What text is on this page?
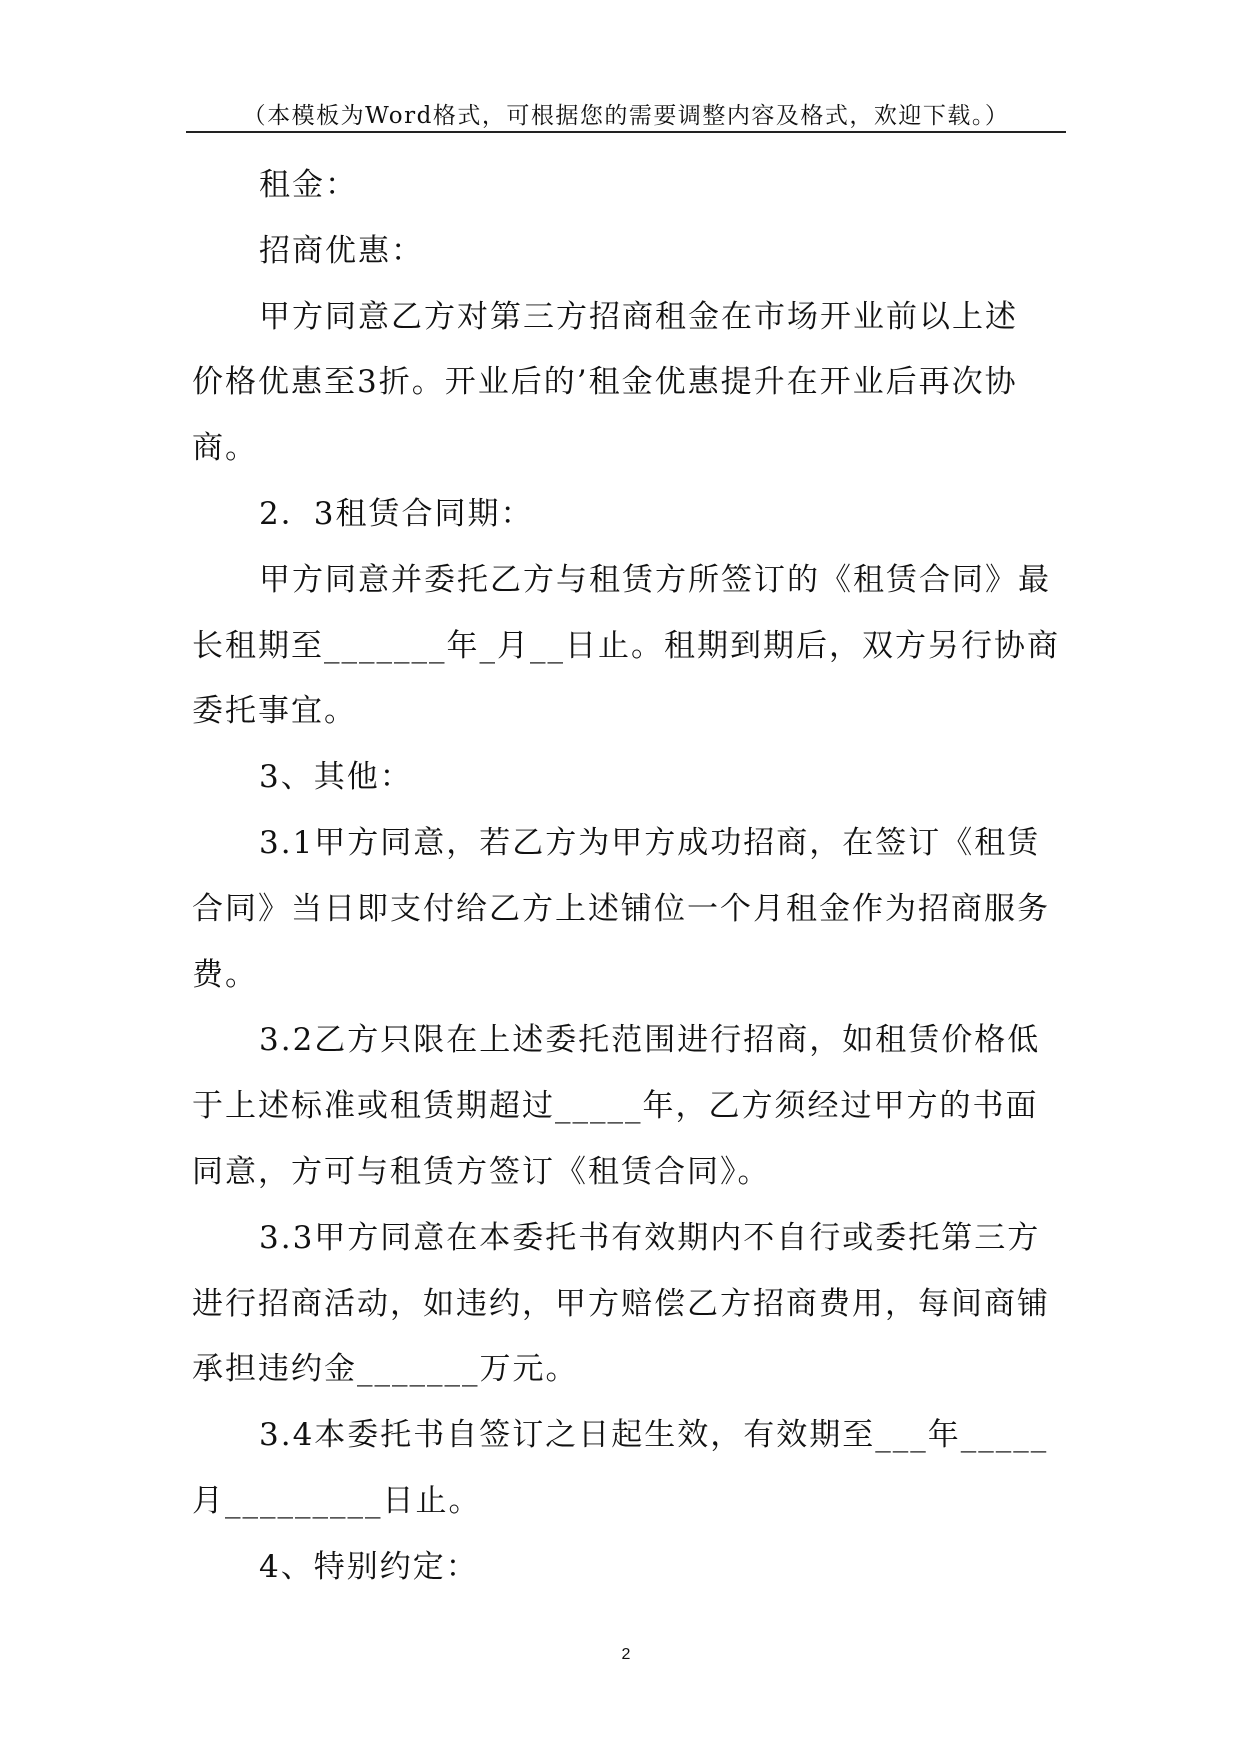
（本模板为Word格式，可根据您的需要调整内容及格式，欢迎下载。）
租金：
招商优惠：
甲方同意乙方对第三方招商租金在市场开业前以上述
价格优惠至3折。开业后的’租金优惠提升在开业后再次协
商。
2．3租赁合同期：
甲方同意并委托乙方与租赁方所签订的《租赁合同》最
长租期至_______年_月__日止。租期到期后，双方另行协商
委托事宜。
3、其他：
3.1甲方同意，若乙方为甲方成功招商，在签订《租赁
合同》当日即支付给乙方上述铺位一个月租金作为招商服务
费。
3.2乙方只限在上述委托范围进行招商，如租赁价格低
于上述标准或租赁期超过_____年，乙方须经过甲方的书面
同意，方可与租赁方签订《租赁合同》。
3.3甲方同意在本委托书有效期内不自行或委托第三方
进行招商活动，如违约，甲方赔偿乙方招商费用，每间商铺
承担违约金_______万元。
3.4本委托书自签订之日起生效，有效期至___年_____
月_________日止。
4、特别约定：
2
